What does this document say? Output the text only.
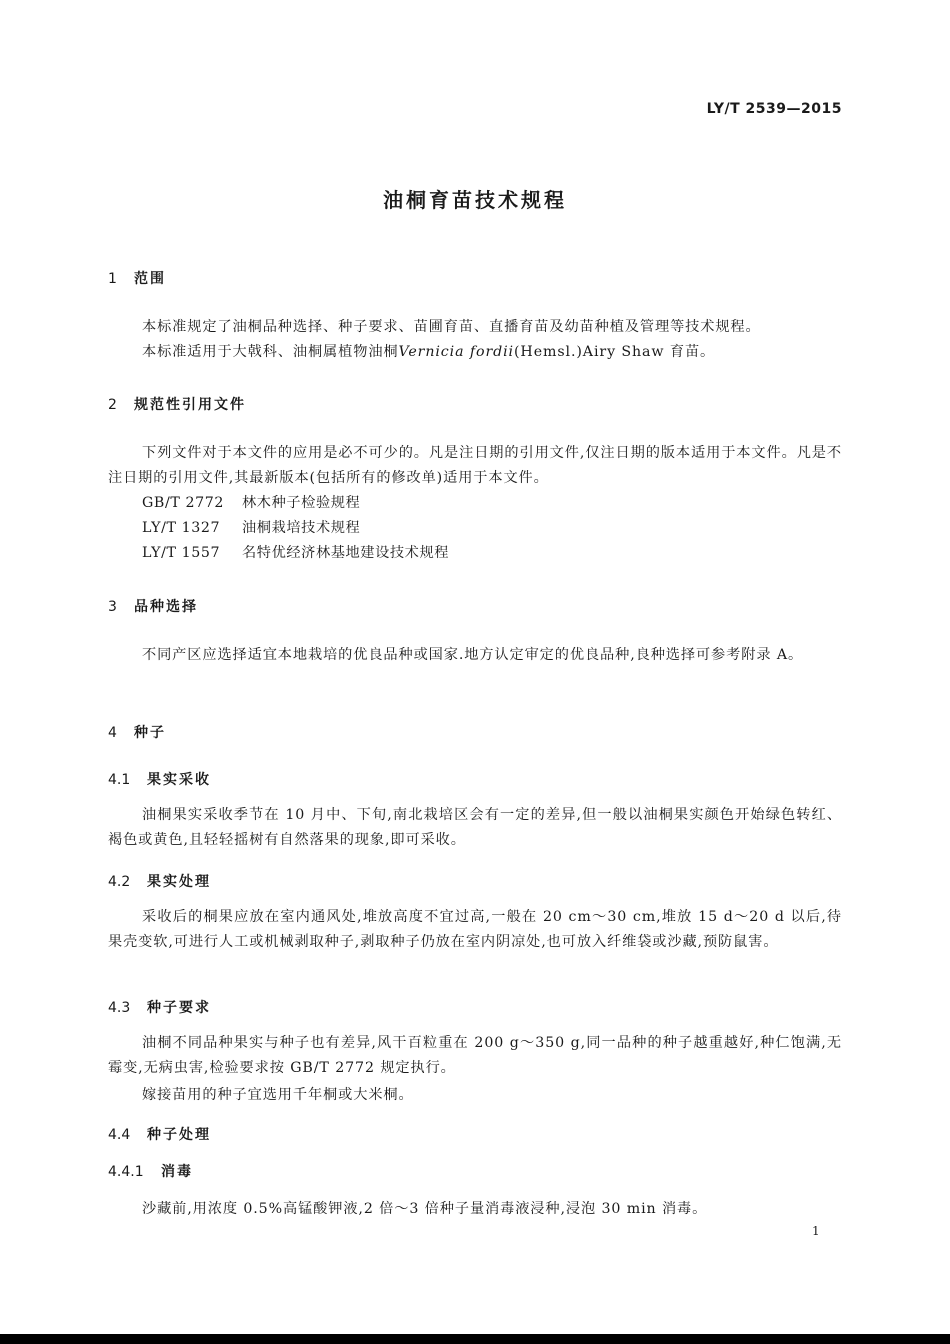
LY/T 2539—2015
油桐育苗技术规程
1 范围
本标准规定了油桐品种选择、种子要求、苗圃育苗、直播育苗及幼苗种植及管理等技术规程。
本标准适用于大戟科、油桐属植物油桐Vernicia fordii(Hemsl.)Airy Shaw 育苗。
2 规范性引用文件
下列文件对于本文件的应用是必不可少的。凡是注日期的引用文件,仅注日期的版本适用于本文件。凡是不注日期的引用文件,其最新版本(包括所有的修改单)适用于本文件。
GB/T 2772 林木种子检验规程
LY/T 1327 油桐栽培技术规程
LY/T 1557 名特优经济林基地建设技术规程
3 品种选择
不同产区应选择适宜本地栽培的优良品种或国家.地方认定审定的优良品种,良种选择可参考附录 A。
4 种子
4.1 果实采收
油桐果实采收季节在 10 月中、下旬,南北栽培区会有一定的差异,但一般以油桐果实颜色开始绿色转红、褐色或黄色,且轻轻摇树有自然落果的现象,即可采收。
4.2 果实处理
采收后的桐果应放在室内通风处,堆放高度不宜过高,一般在 20 cm～30 cm,堆放 15 d～20 d 以后,待果壳变软,可进行人工或机械剥取种子,剥取种子仍放在室内阴凉处,也可放入纤维袋或沙藏,预防鼠害。
4.3 种子要求
油桐不同品种果实与种子也有差异,风干百粒重在 200 g～350 g,同一品种的种子越重越好,种仁饱满,无霉变,无病虫害,检验要求按 GB/T 2772 规定执行。
嫁接苗用的种子宜选用千年桐或大米桐。
4.4 种子处理
4.4.1 消毒
沙藏前,用浓度 0.5%高锰酸钾液,2 倍～3 倍种子量消毒液浸种,浸泡 30 min 消毒。
1
